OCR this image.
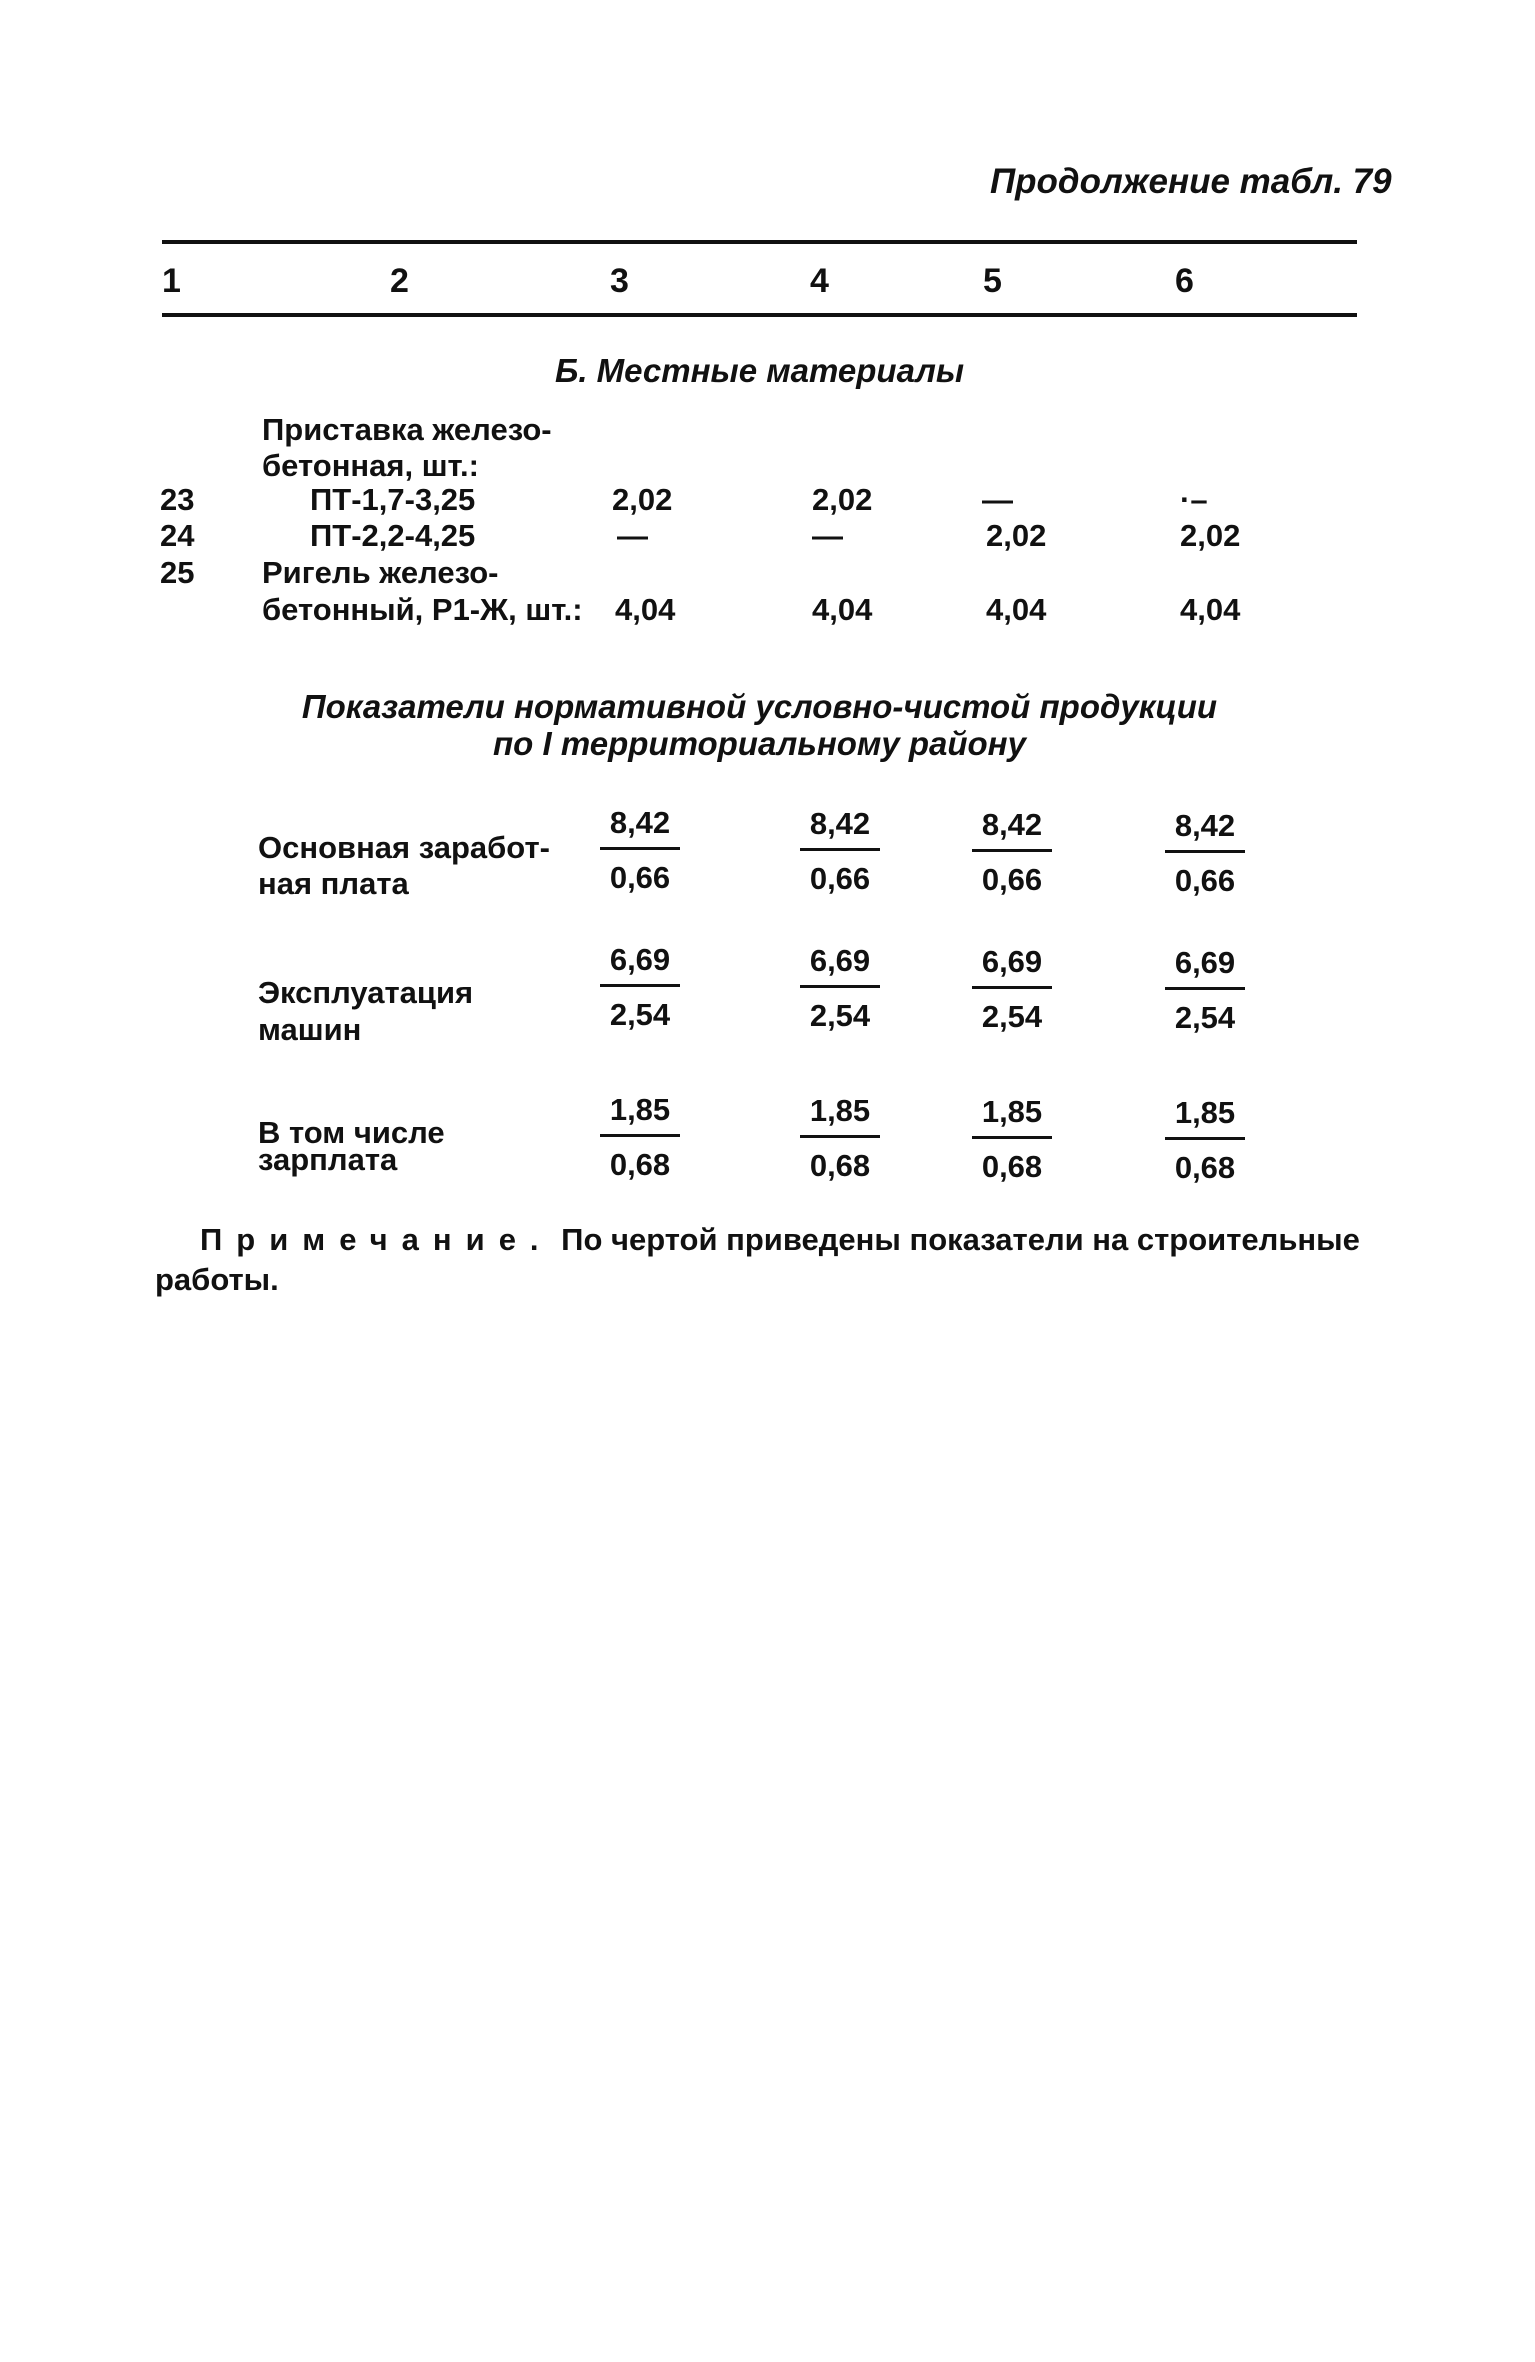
Продолжение табл. 79
1	2	3	4	5	6
Б. Местные материалы
Приставка железо-
бетонная, шт.:
23	ПТ-1,7-3,25	2,02	2,02	—	·–
24	ПТ-2,2-4,25	—	—	2,02	2,02
25 Ригель железо-
бетонный, Р1-Ж, шт.: 4,04	4,04	4,04	4,04
Показатели нормативной условно-чистой продукции
по I территориальному району
Основная заработ-
ная плата	$\frac{8,42}{0,66}$	$\frac{8,42}{0,66} \frac{8,42}{0,66}$	$\frac{8,42}{0,66}$
Эксплуатация
машин	$\frac{6,69}{2,54}$	$\frac{6,69}{2,54} \frac{6,69}{2,54}$	$\frac{6,69}{2,54}$
В том числе
зарплата	$\frac{1,85}{0,68}$	$\frac{1,85}{0,68} \frac{1,85}{0,68}$	$\frac{1,85}{0,68}$
Примечание. По чертой приведены показатели на строительные
работы.
